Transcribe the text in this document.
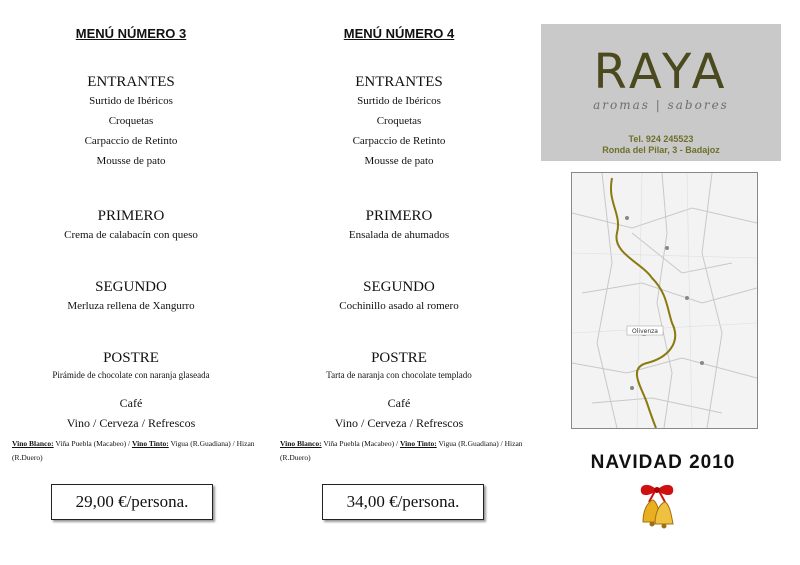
MENÚ NÚMERO 3
ENTRANTES
Surtido de Ibéricos
Croquetas
Carpaccio de Retinto
Mousse de pato
PRIMERO
Crema de calabacín con queso
SEGUNDO
Merluza rellena de Xangurro
POSTRE
Pirámide de chocolate con naranja glaseada
Café
Vino / Cerveza / Refrescos
Vino Blanco: Viña Puebla (Macabeo) / Vino Tinto: Vigua (R.Guadiana) / Hizan (R.Duero)
29,00 €/persona.
MENÚ NÚMERO 4
ENTRANTES
Surtido de Ibéricos
Croquetas
Carpaccio de Retinto
Mousse de pato
PRIMERO
Ensalada de ahumados
SEGUNDO
Cochinillo asado al romero
POSTRE
Tarta de naranja con chocolate templado
Café
Vino / Cerveza / Refrescos
Vino Blanco: Viña Puebla (Macabeo) / Vino Tinto: Vigua (R.Guadiana) / Hizan (R.Duero)
34,00 €/persona.
RAYA
aromas | sabores
Tel. 924 245523
Ronda del Pilar, 3 - Badajoz
Olivenza
NAVIDAD 2010
